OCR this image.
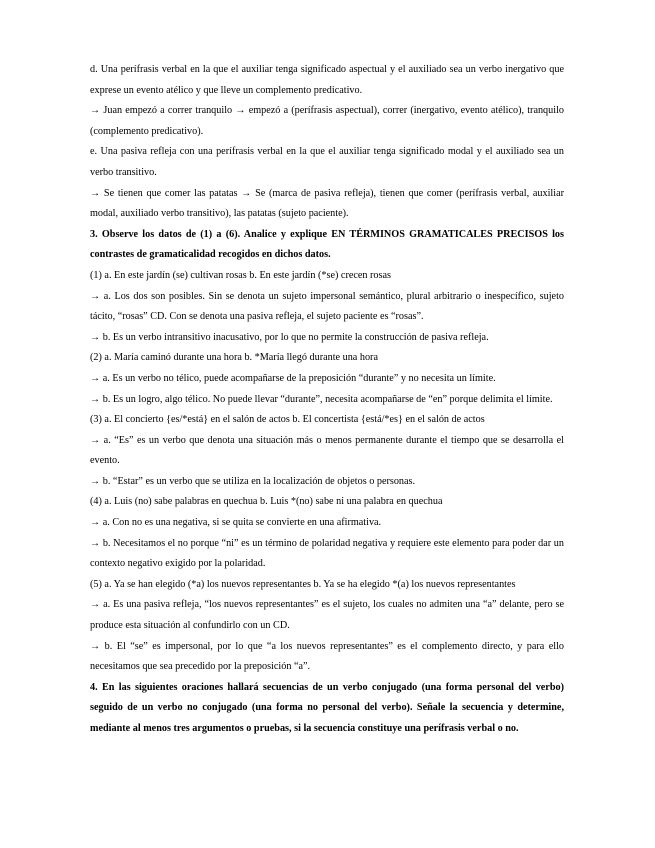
d. Una perífrasis verbal en la que el auxiliar tenga significado aspectual y el auxiliado sea un verbo inergativo que exprese un evento atélico y que lleve un complemento predicativo.

→ Juan empezó a correr tranquilo → empezó a (perífrasis aspectual), correr (inergativo, evento atélico), tranquilo (complemento predicativo).

e. Una pasiva refleja con una perífrasis verbal en la que el auxiliar tenga significado modal y el auxiliado sea un verbo transitivo.

→ Se tienen que comer las patatas → Se (marca de pasiva refleja), tienen que comer (perífrasis verbal, auxiliar modal, auxiliado verbo transitivo), las patatas (sujeto paciente).

3. Observe los datos de (1) a (6). Analice y explique EN TÉRMINOS GRAMATICALES PRECISOS los contrastes de gramaticalidad recogidos en dichos datos.

(1) a. En este jardín (se) cultivan rosas b. En este jardín (*se) crecen rosas

→ a. Los dos son posibles. Sin se denota un sujeto impersonal semántico, plural arbitrario o inespecífico, sujeto tácito, “rosas” CD. Con se denota una pasiva refleja, el sujeto paciente es “rosas”.

→ b. Es un verbo intransitivo inacusativo, por lo que no permite la construcción de pasiva refleja.

(2) a. María caminó durante una hora b. *María llegó durante una hora

→ a. Es un verbo no télico, puede acompañarse de la preposición “durante” y no necesita un límite.

→ b. Es un logro, algo télico. No puede llevar “durante”, necesita acompañarse de “en” porque delimita el límite.

(3) a. El concierto {es/*está} en el salón de actos b. El concertista {está/*es} en el salón de actos

→ a. “Es” es un verbo que denota una situación más o menos permanente durante el tiempo que se desarrolla el evento.

→ b. “Estar” es un verbo que se utiliza en la localización de objetos o personas.

(4) a. Luis (no) sabe palabras en quechua b. Luis *(no) sabe ni una palabra en quechua

→ a. Con no es una negativa, si se quita se convierte en una afirmativa.

→ b. Necesitamos el no porque “ni” es un término de polaridad negativa y requiere este elemento para poder dar un contexto negativo exigido por la polaridad.

(5) a. Ya se han elegido (*a) los nuevos representantes b. Ya se ha elegido *(a) los nuevos representantes

→ a. Es una pasiva refleja, “los nuevos representantes” es el sujeto, los cuales no admiten una “a” delante, pero se produce esta situación al confundirlo con un CD.

→ b. El “se” es impersonal, por lo que “a los nuevos representantes” es el complemento directo, y para ello necesitamos que sea precedido por la preposición “a”.

4. En las siguientes oraciones hallará secuencias de un verbo conjugado (una forma personal del verbo) seguido de un verbo no conjugado (una forma no personal del verbo). Señale la secuencia y determine, mediante al menos tres argumentos o pruebas, si la secuencia constituye una perífrasis verbal o no.
